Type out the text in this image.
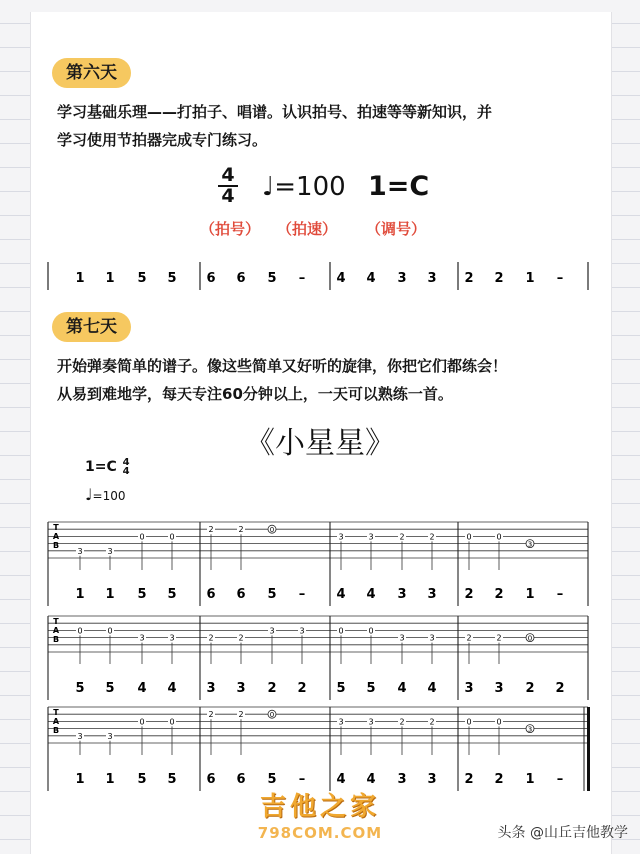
第六天
学习基础乐理——打拍子、唱谱。认识拍号、拍速等等新知识，并
学习使用节拍器完成专门练习。
4
4 ♩=100 1=C
（拍号） （拍速） （调号）
第七天
开始弹奏简单的谱子。像这些简单又好听的旋律，你把它们都练会！
从易到难地学，每天专注60分钟以上，一天可以熟练一首。
《小星星》
1=C 4
4
♩=100
1 1 5 5 6 6 5 – 4 4 3 3 2 2 1 –
T
A
B
3	3
0	0
2	2	0
3	3	2	2	0	0
3
1 1 5 5 6 6 5 – 4 4 3 3 2 2 1 –
T
A
B
0	0
3	3	2	2
3	3	0	0
3	3	2	2	0
5 5 4 4 3 3 2 2 5 5 4 4 3 3 2 2
T
A
B
3	3
0	0
2	2	0
3	3	2	2	0	0
3
1 1 5 5 6 6 5 – 4 4 3 3 2 2 1 –
吉他之家
798COM.COM	头条 @山丘吉他教学
